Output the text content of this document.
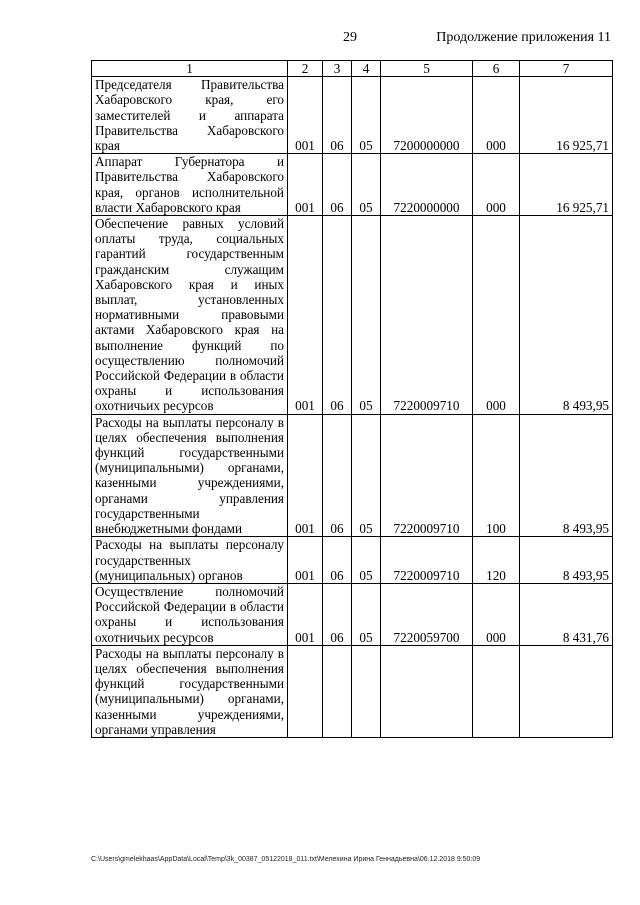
29	Продолжение приложения 11
1	2	3	4	5	6	7

Председателя Правительства Хабаровского края, его заместителей и аппарата Правительства Хабаровского края	001	06	05	7200000000	000	16 925,71

Аппарат Губернатора и Правительства Хабаровского края, органов исполнительной власти Хабаровского края	001	06	05	7220000000	000	16 925,71

Обеспечение равных условий оплаты труда, социальных гарантий государственным гражданским служащим Хабаровского края и иных выплат, установленных нормативными правовыми актами Хабаровского края на выполнение функций по осуществлению полномочий Российской Федерации в области охраны и использования охотничьих ресурсов	001	06	05	7220009710	000	8 493,95

Расходы на выплаты персоналу в целях обеспечения выполнения функций государственными (муниципальными) органами, казенными учреждениями, органами управления государственными внебюджетными фондами	001	06	05	7220009710	100	8 493,95

Расходы на выплаты персоналу государственных (муниципальных) органов	001	06	05	7220009710	120	8 493,95

Осуществление полномочий Российской Федерации в области охраны и использования охотничьих ресурсов	001	06	05	7220059700	000	8 431,76

Расходы на выплаты персоналу в целях обеспечения выполнения функций государственными (муниципальными) органами, казенными учреждениями, органами управления						

C:\Users\gmelekhaas\AppData\Local\Temp\3k_00387_05122018_011.txt\Мелехина Ирина Геннадьевна\06.12.2018 9:50:09
